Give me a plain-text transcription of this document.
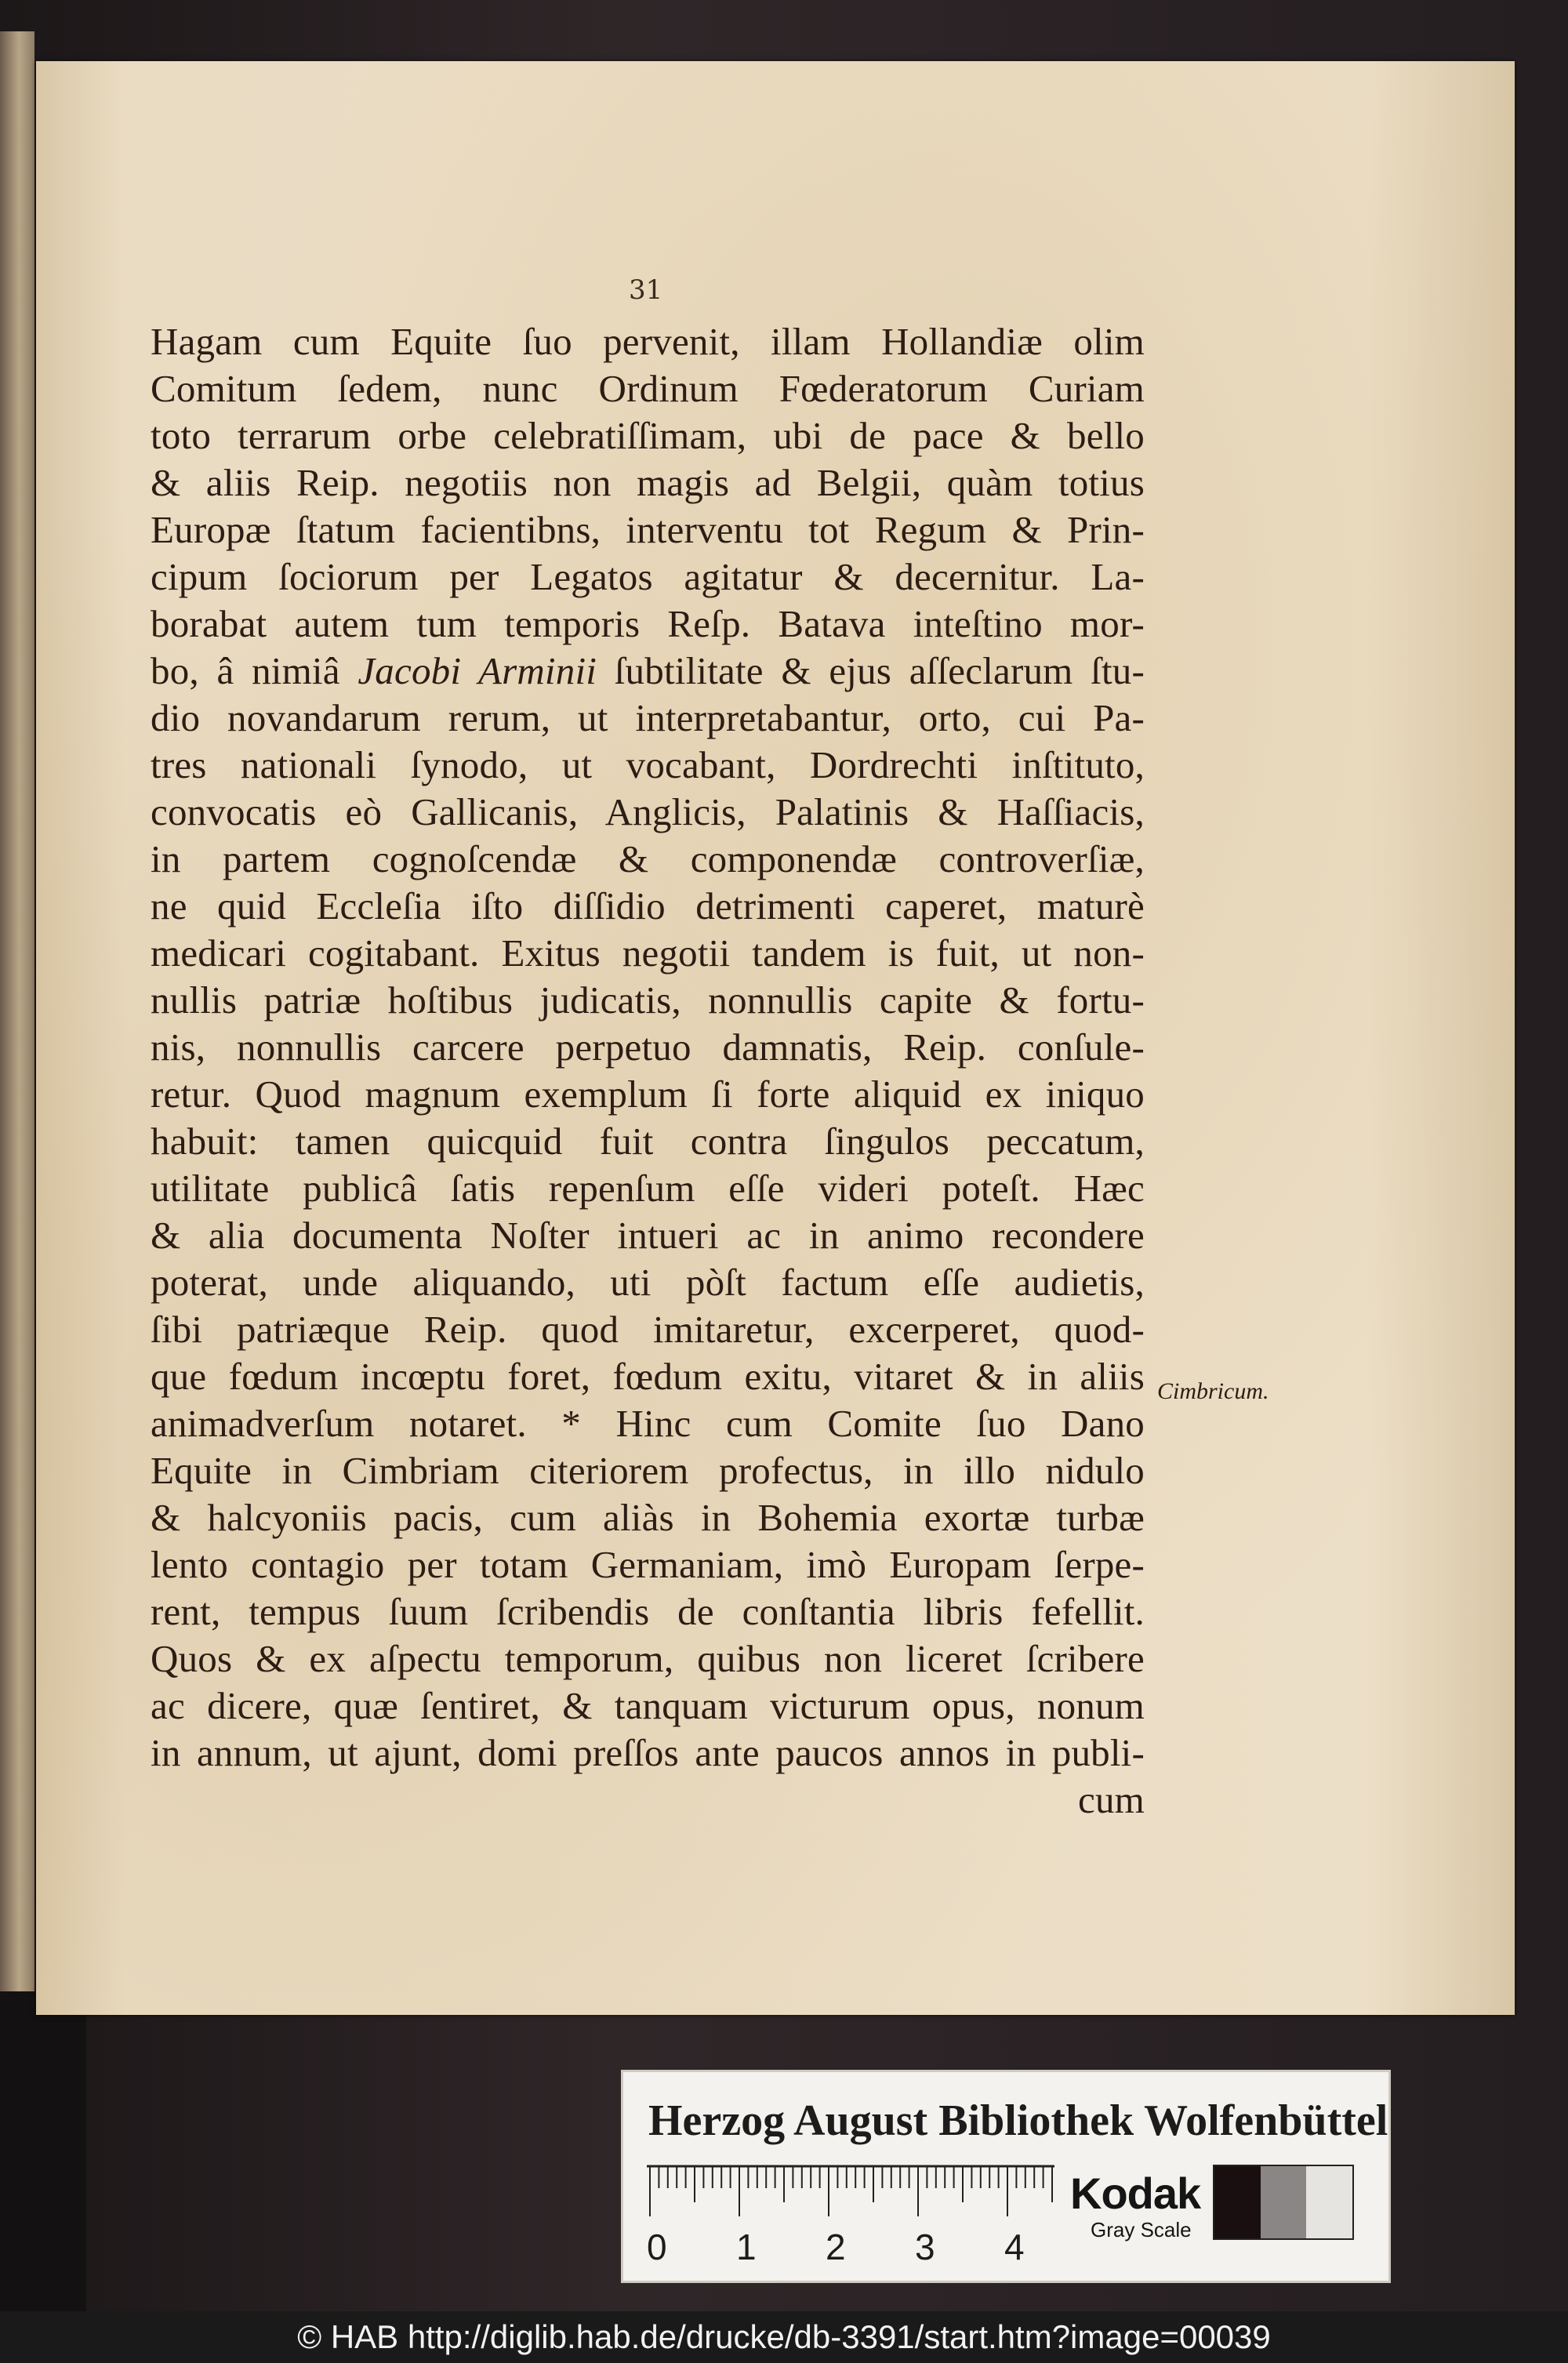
31
Hagam cum Equite ſuo pervenit, illam Hollandiæ olim
Comitum ſedem, nunc Ordinum Fœderatorum Curiam
toto terrarum orbe celebratiſſimam, ubi de pace & bello
& aliis Reip. negotiis non magis ad Belgii, quàm totius
Europæ ſtatum facientibns, interventu tot Regum & Prin-
cipum ſociorum per Legatos agitatur & decernitur. La-
borabat autem tum temporis Reſp. Batava inteſtino mor-
bo, â nimiâ Jacobi Arminii ſubtilitate & ejus aſſeclarum ſtu-
dio novandarum rerum, ut interpretabantur, orto, cui Pa-
tres nationali ſynodo, ut vocabant, Dordrechti inſtituto,
convocatis eò Gallicanis, Anglicis, Palatinis & Haſſiacis,
in partem cognoſcendæ & componendæ controverſiæ,
ne quid Eccleſia iſto diſſidio detrimenti caperet, maturè
medicari cogitabant. Exitus negotii tandem is fuit, ut non-
nullis patriæ hoſtibus judicatis, nonnullis capite & fortu-
nis, nonnullis carcere perpetuo damnatis, Reip. conſule-
retur. Quod magnum exemplum ſi forte aliquid ex iniquo
habuit: tamen quicquid fuit contra ſingulos peccatum,
utilitate publicâ ſatis repenſum eſſe videri poteſt. Hæc
& alia documenta Noſter intueri ac in animo recondere
poterat, unde aliquando, uti pòſt factum eſſe audietis,
ſibi patriæque Reip. quod imitaretur, excerperet, quod-
que fœdum incœptu foret, fœdum exitu, vitaret & in aliis
animadverſum notaret. * Hinc cum Comite ſuo Dano
Equite in Cimbriam citeriorem profectus, in illo nidulo
& halcyoniis pacis, cum aliàs in Bohemia exortæ turbæ
lento contagio per totam Germaniam, imò Europam ſerpe-
rent, tempus ſuum ſcribendis de conſtantia libris fefellit.
Quos & ex aſpectu temporum, quibus non liceret ſcribere
ac dicere, quæ ſentiret, & tanquam victurum opus, nonum
in annum, ut ajunt, domi preſſos ante paucos annos in publi-
cum
Cimbricum.
Herzog August Bibliothek Wolfenbüttel
0 1 2 3 4
Kodak
Gray Scale
© HAB http://diglib.hab.de/drucke/db-3391/start.htm?image=00039
